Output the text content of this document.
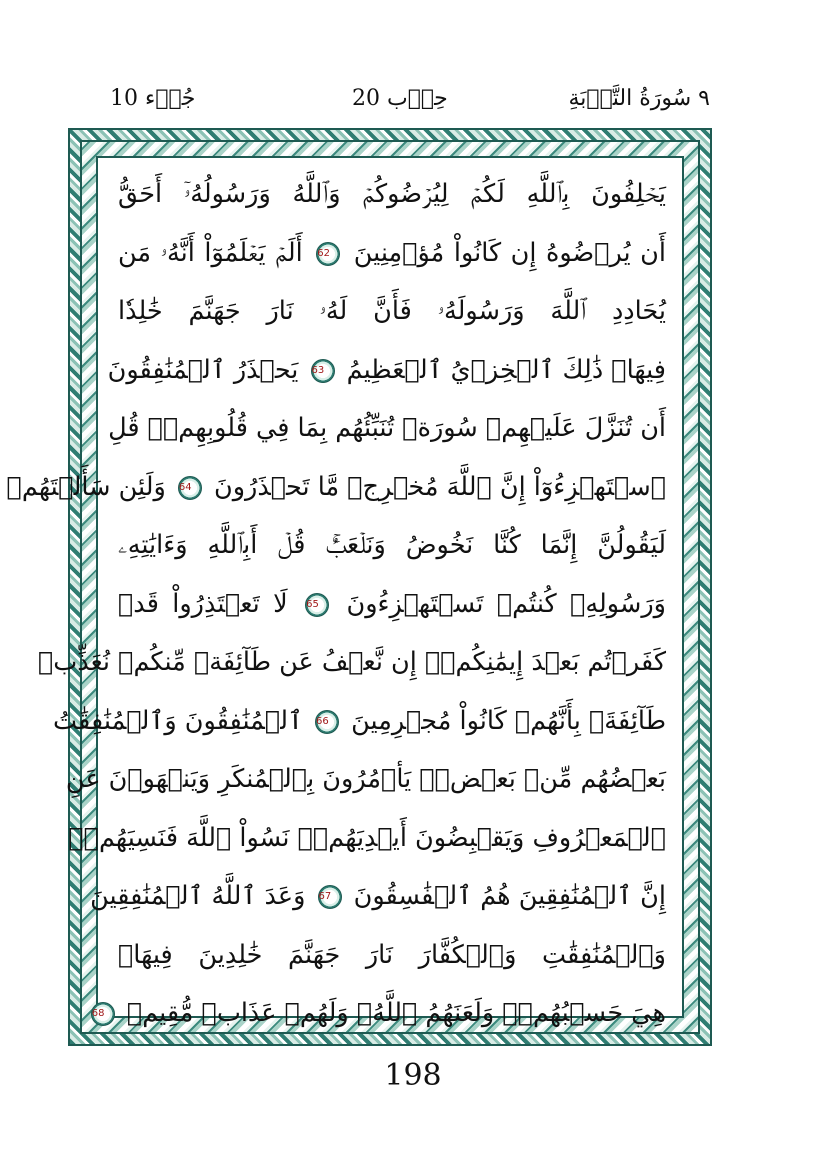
٩ سُورَةُ التَّوۡبَةِ
حِزۡب 20
جُزۡء 10
يَحۡلِفُونَ بِٱللَّهِ لَكُمۡ لِيُرۡضُوكُمۡ وَٱللَّهُ وَرَسُولُهُۥٓ أَحَقُّ
أَن يُرۡضُوهُ إِن كَانُواْ مُؤۡمِنِينَ 62 أَلَمۡ يَعۡلَمُوٓاْ أَنَّهُۥ مَن
يُحَادِدِ ٱللَّهَ وَرَسُولَهُۥ فَأَنَّ لَهُۥ نَارَ جَهَنَّمَ خَٰلِدٗا
فِيهَاۚ ذَٰلِكَ ٱلۡخِزۡيُ ٱلۡعَظِيمُ 63 يَحۡذَرُ ٱلۡمُنَٰفِقُونَ
أَن تُنَزَّلَ عَلَيۡهِمۡ سُورَةٞ تُنَبِّئُهُم بِمَا فِي قُلُوبِهِمۡۚ قُلِ
ٱسۡتَهۡزِءُوٓاْ إِنَّ ٱللَّهَ مُخۡرِجٞ مَّا تَحۡذَرُونَ 64 وَلَئِن سَأَلۡتَهُمۡ
لَيَقُولُنَّ إِنَّمَا كُنَّا نَخُوضُ وَنَلۡعَبُۚ قُلۡ أَبِٱللَّهِ وَءَايَٰتِهِۦ
وَرَسُولِهِۦ كُنتُمۡ تَسۡتَهۡزِءُونَ 65 لَا تَعۡتَذِرُواْ قَدۡ
كَفَرۡتُم بَعۡدَ إِيمَٰنِكُمۡۚ إِن نَّعۡفُ عَن طَآئِفَةٖ مِّنكُمۡ نُعَذِّبۡ
طَآئِفَةَۢ بِأَنَّهُمۡ كَانُواْ مُجۡرِمِينَ 66 ٱلۡمُنَٰفِقُونَ وَٱلۡمُنَٰفِقَٰتُ
بَعۡضُهُم مِّنۢ بَعۡضٖۚ يَأۡمُرُونَ بِٱلۡمُنكَرِ وَيَنۡهَوۡنَ عَنِ
ٱلۡمَعۡرُوفِ وَيَقۡبِضُونَ أَيۡدِيَهُمۡۚ نَسُواْ ٱللَّهَ فَنَسِيَهُمۡۚ
إِنَّ ٱلۡمُنَٰفِقِينَ هُمُ ٱلۡفَٰسِقُونَ 67 وَعَدَ ٱللَّهُ ٱلۡمُنَٰفِقِينَ
وَٱلۡمُنَٰفِقَٰتِ وَٱلۡكُفَّارَ نَارَ جَهَنَّمَ خَٰلِدِينَ فِيهَاۚ
هِيَ حَسۡبُهُمۡۚ وَلَعَنَهُمُ ٱللَّهُۖ وَلَهُمۡ عَذَابٞ مُّقِيمٞ 68
198
